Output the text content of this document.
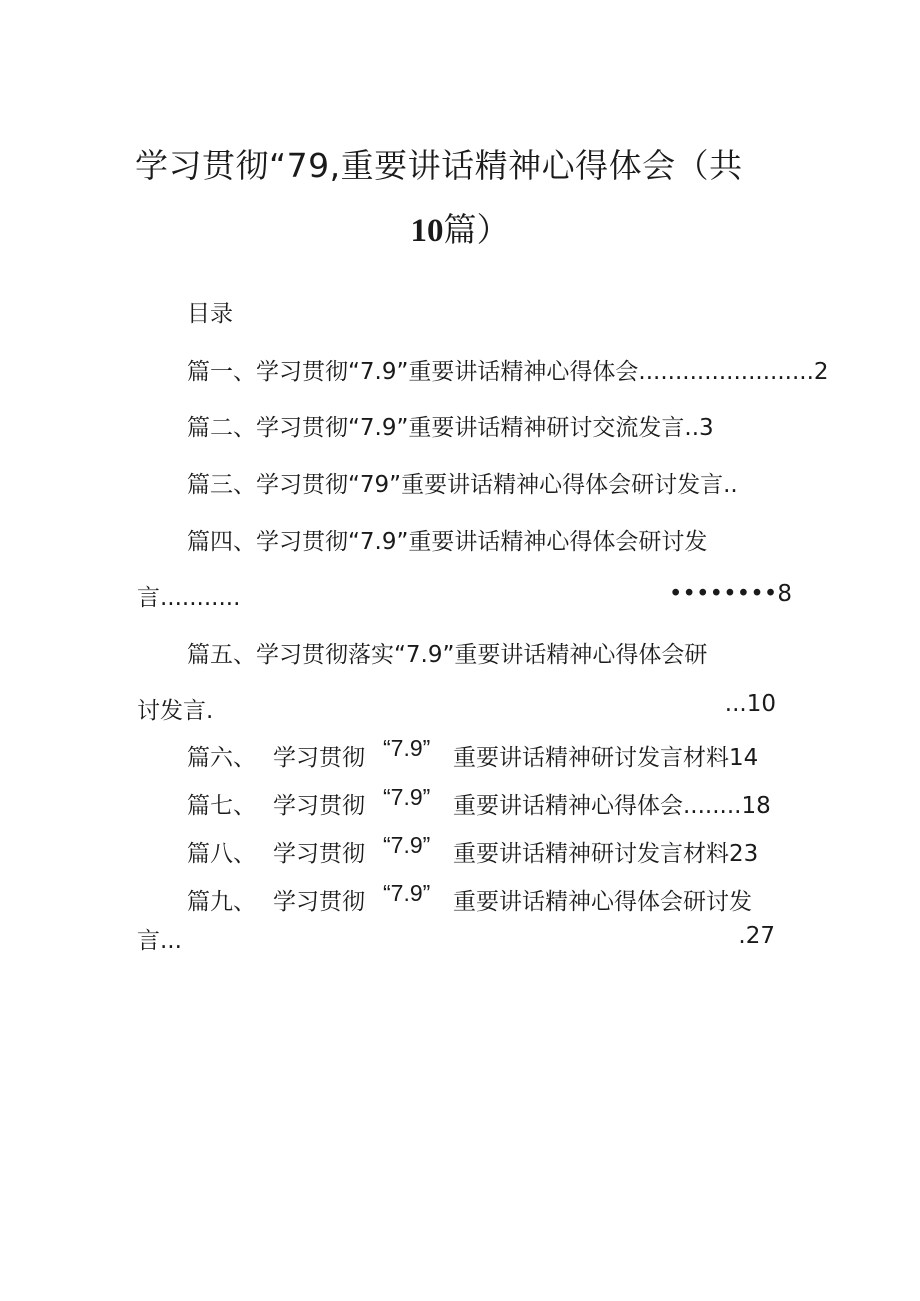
学习贯彻“79,重要讲话精神心得体会（共
10篇）
目录
篇一、学习贯彻“7.9”重要讲话精神心得体会........................2
篇二、学习贯彻“7.9”重要讲话精神研讨交流发言..3
篇三、学习贯彻“79”重要讲话精神心得体会研讨发言..
篇四、学习贯彻“7.9”重要讲话精神心得体会研讨发
言...........	••••••••8
篇五、学习贯彻落实“7.9”重要讲话精神心得体会研
讨发言.	...10
篇六、 学习贯彻 “7.9” 重要讲话精神研讨发言材料14
篇七、 学习贯彻 “7.9” 重要讲话精神心得体会........18
篇八、 学习贯彻 “7.9” 重要讲话精神研讨发言材料23
篇九、 学习贯彻 “7.9” 重要讲话精神心得体会研讨发
言...	.27
